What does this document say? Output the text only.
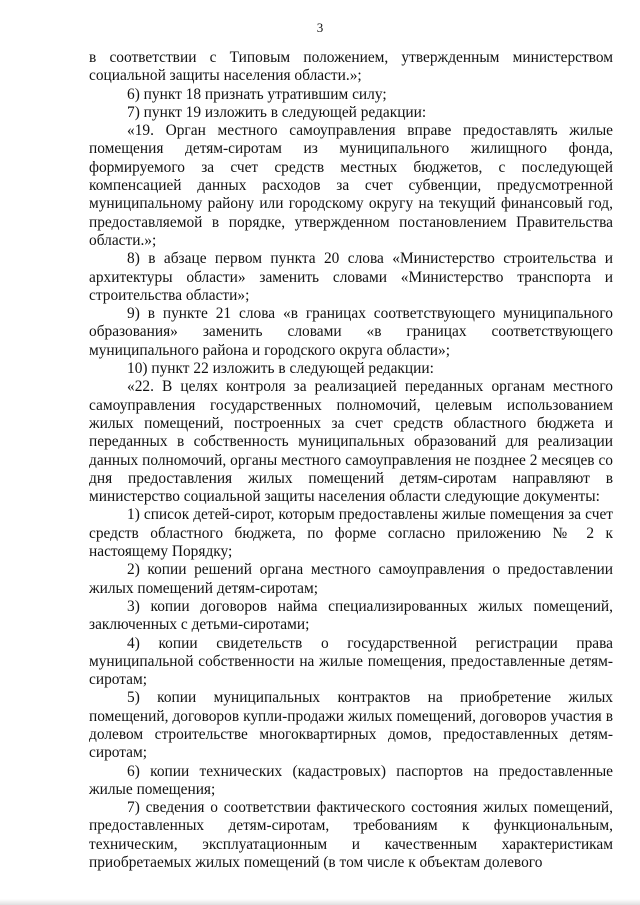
3

в соответствии с Типовым положением, утвержденным министерством социальной защиты населения области.»;

6) пункт 18 признать утратившим силу;

7) пункт 19 изложить в следующей редакции:

«19. Орган местного самоуправления вправе предоставлять жилые помещения детям-сиротам из муниципального жилищного фонда, формируемого за счет средств местных бюджетов, с последующей компенсацией данных расходов за счет субвенции, предусмотренной муниципальному району или городскому округу на текущий финансовый год, предоставляемой в порядке, утвержденном постановлением Правительства области.»;

8) в абзаце первом пункта 20 слова «Министерство строительства и архитектуры области» заменить словами «Министерство транспорта и строительства области»;

9) в пункте 21 слова «в границах соответствующего муниципального образования» заменить словами «в границах соответствующего муниципального района и городского округа области»;

10) пункт 22 изложить в следующей редакции:

«22. В целях контроля за реализацией переданных органам местного самоуправления государственных полномочий, целевым использованием жилых помещений, построенных за счет средств областного бюджета и переданных в собственность муниципальных образований для реализации данных полномочий, органы местного самоуправления не позднее 2 месяцев со дня предоставления жилых помещений детям-сиротам направляют в министерство социальной защиты населения области следующие документы:

1) список детей-сирот, которым предоставлены жилые помещения за счет средств областного бюджета, по форме согласно приложению № 2 к настоящему Порядку;

2) копии решений органа местного самоуправления о предоставлении жилых помещений детям-сиротам;

3) копии договоров найма специализированных жилых помещений, заключенных с детьми-сиротами;

4) копии свидетельств о государственной регистрации права муниципальной собственности на жилые помещения, предоставленные детям-сиротам;

5) копии муниципальных контрактов на приобретение жилых помещений, договоров купли-продажи жилых помещений, договоров участия в долевом строительстве многоквартирных домов, предоставленных детям-сиротам;

6) копии технических (кадастровых) паспортов на предоставленные жилые помещения;

7) сведения о соответствии фактического состояния жилых помещений, предоставленных детям-сиротам, требованиям к функциональным, техническим, эксплуатационным и качественным характеристикам приобретаемых жилых помещений (в том числе к объектам долевого
